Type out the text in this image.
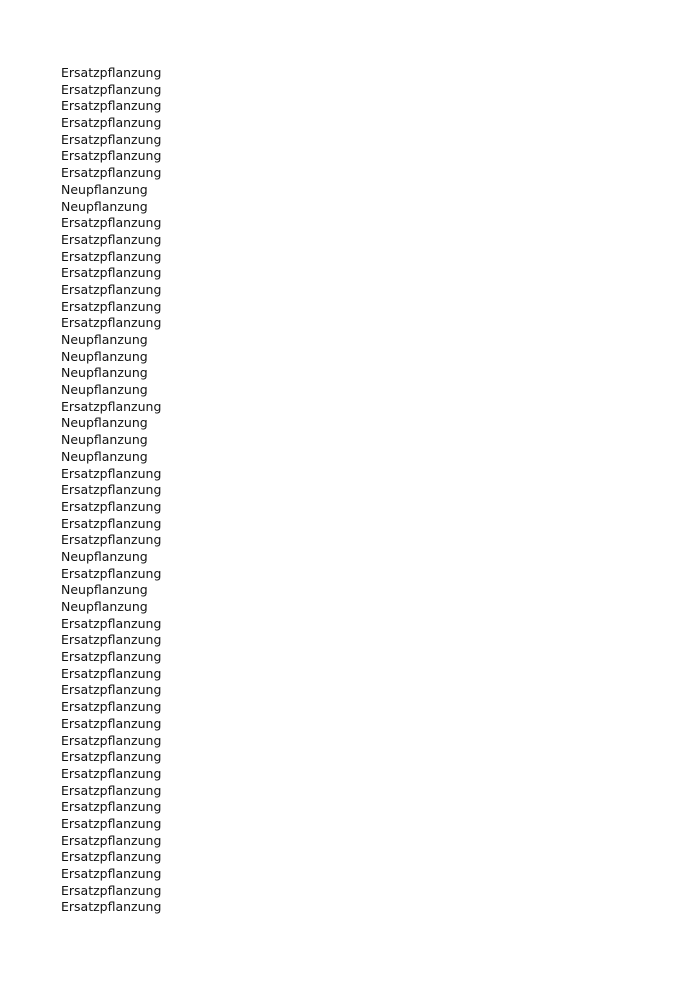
Ersatzpflanzung
Ersatzpflanzung
Ersatzpflanzung
Ersatzpflanzung
Ersatzpflanzung
Ersatzpflanzung
Ersatzpflanzung
Neupflanzung
Neupflanzung
Ersatzpflanzung
Ersatzpflanzung
Ersatzpflanzung
Ersatzpflanzung
Ersatzpflanzung
Ersatzpflanzung
Ersatzpflanzung
Neupflanzung
Neupflanzung
Neupflanzung
Neupflanzung
Ersatzpflanzung
Neupflanzung
Neupflanzung
Neupflanzung
Ersatzpflanzung
Ersatzpflanzung
Ersatzpflanzung
Ersatzpflanzung
Ersatzpflanzung
Neupflanzung
Ersatzpflanzung
Neupflanzung
Neupflanzung
Ersatzpflanzung
Ersatzpflanzung
Ersatzpflanzung
Ersatzpflanzung
Ersatzpflanzung
Ersatzpflanzung
Ersatzpflanzung
Ersatzpflanzung
Ersatzpflanzung
Ersatzpflanzung
Ersatzpflanzung
Ersatzpflanzung
Ersatzpflanzung
Ersatzpflanzung
Ersatzpflanzung
Ersatzpflanzung
Ersatzpflanzung
Ersatzpflanzung
